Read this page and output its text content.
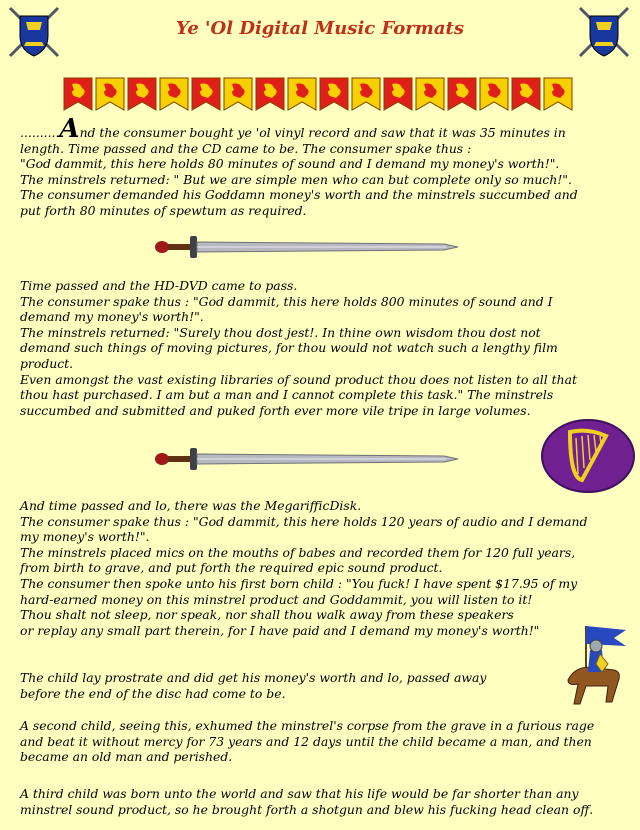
Ye 'Ol Digital Music Formats

..........And the consumer bought ye 'ol vinyl record and saw that it was 35 minutes in

length. Time passed and the CD came to be. The consumer spake thus :

"God dammit, this here holds 80 minutes of sound and I demand my money's worth!".

The minstrels returned: " But we are simple men who can but complete only so much!".

The consumer demanded his Goddamn money's worth and the minstrels succumbed and

put forth 80 minutes of spewtum as required.

Time passed and the HD-DVD came to pass.

The consumer spake thus : "God dammit, this here holds 800 minutes of sound and I

demand my money's worth!".

The minstrels returned: "Surely thou dost jest!. In thine own wisdom thou dost not

demand such things of moving pictures, for thou would not watch such a lengthy film

product.

Even amongst the vast existing libraries of sound product thou does not listen to all that

thou hast purchased. I am but a man and I cannot complete this task." The minstrels

succumbed and submitted and puked forth ever more vile tripe in large volumes.

And time passed and lo, there was the MegarifficDisk.

The consumer spake thus : "God dammit, this here holds 120 years of audio and I demand

my money's worth!".

The minstrels placed mics on the mouths of babes and recorded them for 120 full years,

from birth to grave, and put forth the required epic sound product.

The consumer then spoke unto his first born child : "You fuck! I have spent $17.95 of my

hard-earned money on this minstrel product and Goddammit, you will listen to it!

Thou shalt not sleep, nor speak, nor shall thou walk away from these speakers

or replay any small part therein, for I have paid and I demand my money's worth!"

The child lay prostrate and did get his money's worth and lo, passed away

before the end of the disc had come to be.

A second child, seeing this, exhumed the minstrel's corpse from the grave in a furious rage

and beat it without mercy for 73 years and 12 days until the child became a man, and then

became an old man and perished.

A third child was born unto the world and saw that his life would be far shorter than any

minstrel sound product, so he brought forth a shotgun and blew his fucking head clean off.
